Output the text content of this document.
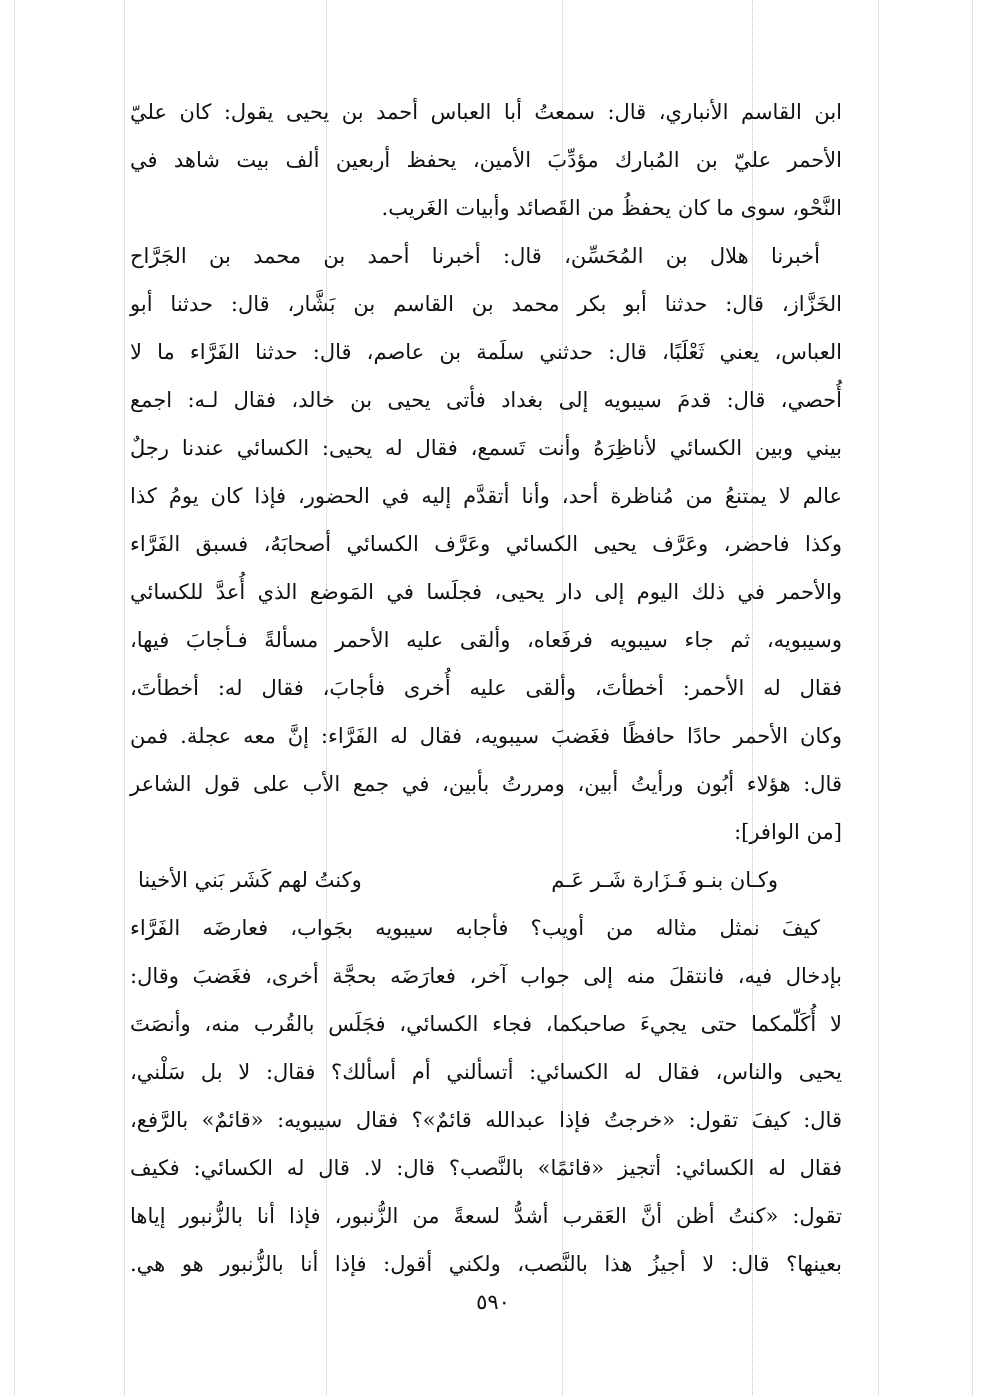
ابن القاسم الأنباري، قال: سمعتُ أبا العباس أحمد بن يحيى يقول: كان عليّ
الأحمر عليّ بن المُبارك مؤدِّبَ الأمين، يحفظ أربعين ألف بيت شاهد في
النَّحْو، سوى ما كان يحفظُ من القَصائد وأبيات الغَريب.
أخبرنا هلال بن المُحَسِّن، قال: أخبرنا أحمد بن محمد بن الجَرَّاح
الخَزَّاز، قال: حدثنا أبو بكر محمد بن القاسم بن بَشَّار، قال: حدثنا أبو
العباس، يعني ثَعْلَبًا، قال: حدثني سلَمة بن عاصم، قال: حدثنا الفَرَّاء ما لا
أُحصي، قال: قدمَ سيبويه إلى بغداد فأتى يحيى بن خالد، فقال لـه: اجمع
بيني وبين الكسائي لأناظِرَهُ وأنت تَسمع، فقال له يحيى: الكسائي عندنا رجلٌ
عالم لا يمتنعُ من مُناظرة أحد، وأنا أتقدَّم إليه في الحضور، فإذا كان يومُ كذا
وكذا فاحضر، وعَرَّف يحيى الكسائي وعَرَّف الكسائي أصحابَهُ، فسبق الفَرَّاء
والأحمر في ذلك اليوم إلى دار يحيى، فجلَسا في المَوضع الذي أُعدَّ للكسائي
وسيبويه، ثم جاء سيبويه فرفَعاه، وألقى عليه الأحمر مسألةً فـأجابَ فيها،
فقال له الأحمر: أخطأتَ، وألقى عليه أُخرى فأجابَ، فقال له: أخطأتَ،
وكان الأحمر حادًا حافظًا فغَضبَ سيبويه، فقال له الفَرَّاء: إنَّ معه عجلة. فمن
قال: هؤلاء أبُون ورأيتُ أبين، ومررتُ بأبين، في جمع الأب على قول الشاعر
[من الوافر]:
وكـان بنـو فَـزَارة شَـر عَـم
وكنتُ لهم كَشَر بَني الأخينا
كيفَ نمثل مثاله من أويب؟ فأجابه سيبويه بجَواب، فعارضَه الفَرَّاء
بإدخال فيه، فانتقلَ منه إلى جواب آخر، فعارَضَه بحجَّة أخرى، فغَضبَ وقال:
لا أُكَلّمكما حتى يجيءَ صاحبكما، فجاء الكسائي، فجَلَس بالقُرب منه، وأنصَتَ
يحيى والناس، فقال له الكسائي: أتسألني أم أسألك؟ فقال: لا بل سَلْني،
قال: كيفَ تقول: «خرجتُ فإذا عبدالله قائمٌ»؟ فقال سيبويه: «قائمٌ» بالرَّفع،
فقال له الكسائي: أتجيز «قائمًا» بالنَّصب؟ قال: لا. قال له الكسائي: فكيف
تقول: «كنتُ أظن أنَّ العَقرب أشدُّ لسعةً من الزُّنبور، فإذا أنا بالزُّنبور إياها
بعينها؟ قال: لا أجيزُ هذا بالنَّصب، ولكني أقول: فإذا أنا بالزُّنبور هو هي.
٥٩٠
